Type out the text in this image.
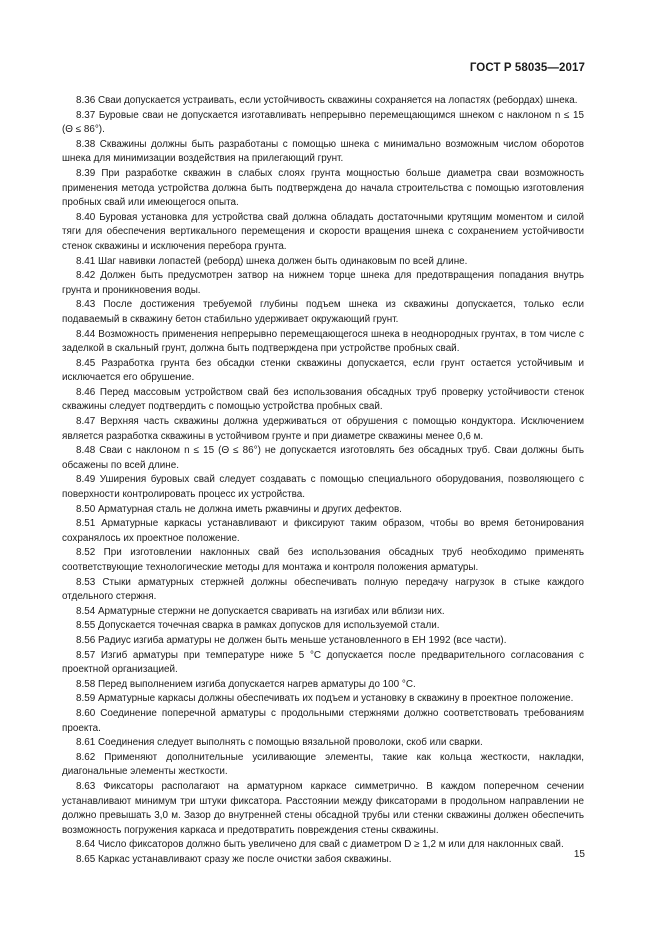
ГОСТ Р 58035—2017

8.36 Сваи допускается устраивать, если устойчивость скважины сохраняется на лопастях (ребордах) шнека.

8.37 Буровые сваи не допускается изготавливать непрерывно перемещающимся шнеком с наклоном n ≤ 15 (Θ ≤ 86°).

8.38 Скважины должны быть разработаны с помощью шнека с минимально возможным числом оборотов шнека для минимизации воздействия на прилегающий грунт.

8.39 При разработке скважин в слабых слоях грунта мощностью больше диаметра сваи возможность применения метода устройства должна быть подтверждена до начала строительства с помощью изготовления пробных свай или имеющегося опыта.

8.40 Буровая установка для устройства свай должна обладать достаточными крутящим моментом и силой тяги для обеспечения вертикального перемещения и скорости вращения шнека с сохранением устойчивости стенок скважины и исключения перебора грунта.

8.41 Шаг навивки лопастей (реборд) шнека должен быть одинаковым по всей длине.

8.42 Должен быть предусмотрен затвор на нижнем торце шнека для предотвращения попадания внутрь грунта и проникновения воды.

8.43 После достижения требуемой глубины подъем шнека из скважины допускается, только если подаваемый в скважину бетон стабильно удерживает окружающий грунт.

8.44 Возможность применения непрерывно перемещающегося шнека в неоднородных грунтах, в том числе с заделкой в скальный грунт, должна быть подтверждена при устройстве пробных свай.

8.45 Разработка грунта без обсадки стенки скважины допускается, если грунт остается устойчивым и исключается его обрушение.

8.46 Перед массовым устройством свай без использования обсадных труб проверку устойчивости стенок скважины следует подтвердить с помощью устройства пробных свай.

8.47 Верхняя часть скважины должна удерживаться от обрушения с помощью кондуктора. Исключением является разработка скважины в устойчивом грунте и при диаметре скважины менее 0,6 м.

8.48 Сваи с наклоном n ≤ 15 (Θ ≤ 86°) не допускается изготовлять без обсадных труб. Сваи должны быть обсажены по всей длине.

8.49 Уширения буровых свай следует создавать с помощью специального оборудования, позволяющего с поверхности контролировать процесс их устройства.

8.50 Арматурная сталь не должна иметь ржавчины и других дефектов.

8.51 Арматурные каркасы устанавливают и фиксируют таким образом, чтобы во время бетонирования сохранялось их проектное положение.

8.52 При изготовлении наклонных свай без использования обсадных труб необходимо применять соответствующие технологические методы для монтажа и контроля положения арматуры.

8.53 Стыки арматурных стержней должны обеспечивать полную передачу нагрузок в стыке каждого отдельного стержня.

8.54 Арматурные стержни не допускается сваривать на изгибах или вблизи них.

8.55 Допускается точечная сварка в рамках допусков для используемой стали.

8.56 Радиус изгиба арматуры не должен быть меньше установленного в ЕН 1992 (все части).

8.57 Изгиб арматуры при температуре ниже 5 °С допускается после предварительного согласования с проектной организацией.

8.58 Перед выполнением изгиба допускается нагрев арматуры до 100 °С.

8.59 Арматурные каркасы должны обеспечивать их подъем и установку в скважину в проектное положение.

8.60 Соединение поперечной арматуры с продольными стержнями должно соответствовать требованиям проекта.

8.61 Соединения следует выполнять с помощью вязальной проволоки, скоб или сварки.

8.62 Применяют дополнительные усиливающие элементы, такие как кольца жесткости, накладки, диагональные элементы жесткости.

8.63 Фиксаторы располагают на арматурном каркасе симметрично. В каждом поперечном сечении устанавливают минимум три штуки фиксатора. Расстоянии между фиксаторами в продольном направлении не должно превышать 3,0 м. Зазор до внутренней стены обсадной трубы или стенки скважины должен обеспечить возможность погружения каркаса и предотвратить повреждения стены скважины.

8.64 Число фиксаторов должно быть увеличено для свай с диаметром D ≥ 1,2 м или для наклонных свай.

8.65 Каркас устанавливают сразу же после очистки забоя скважины.	15
